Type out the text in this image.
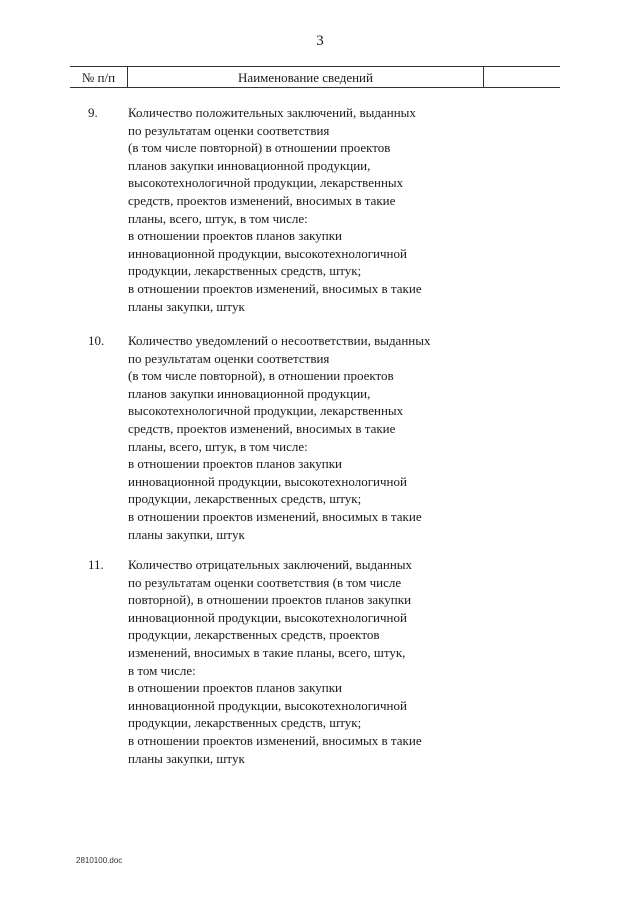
3
№ п/п	Наименование сведений
9. Количество положительных заключений, выданных
по результатам оценки соответствия
(в том числе повторной) в отношении проектов
планов закупки инновационной продукции,
высокотехнологичной продукции, лекарственных
средств, проектов изменений, вносимых в такие
планы, всего, штук, в том числе:
в отношении проектов планов закупки
инновационной продукции, высокотехнологичной
продукции, лекарственных средств, штук;
в отношении проектов изменений, вносимых в такие
планы закупки, штук
10. Количество уведомлений о несоответствии, выданных
по результатам оценки соответствия
(в том числе повторной), в отношении проектов
планов закупки инновационной продукции,
высокотехнологичной продукции, лекарственных
средств, проектов изменений, вносимых в такие
планы, всего, штук, в том числе:
в отношении проектов планов закупки
инновационной продукции, высокотехнологичной
продукции, лекарственных средств, штук;
в отношении проектов изменений, вносимых в такие
планы закупки, штук
11. Количество отрицательных заключений, выданных
по результатам оценки соответствия (в том числе
повторной), в отношении проектов планов закупки
инновационной продукции, высокотехнологичной
продукции, лекарственных средств, проектов
изменений, вносимых в такие планы, всего, штук,
в том числе:
в отношении проектов планов закупки
инновационной продукции, высокотехнологичной
продукции, лекарственных средств, штук;
в отношении проектов изменений, вносимых в такие
планы закупки, штук
2810100.doc
